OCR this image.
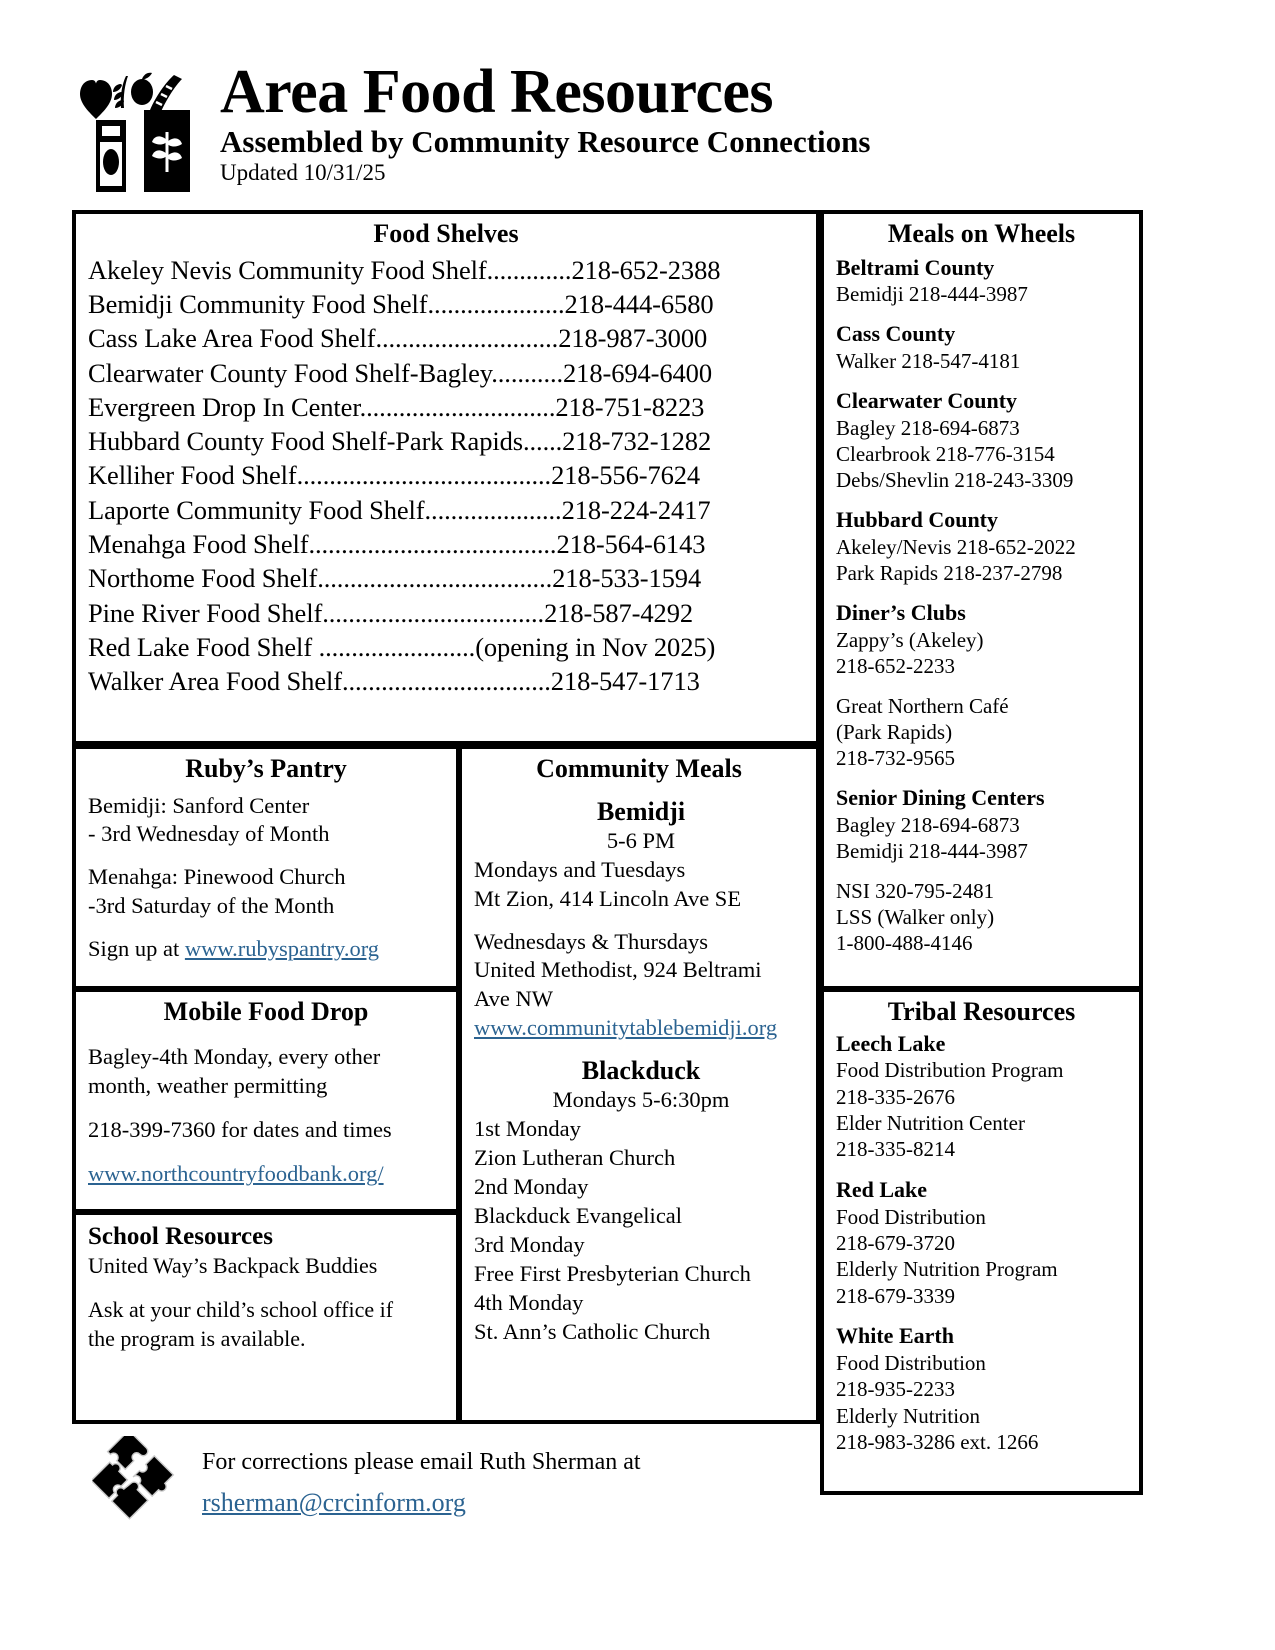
Area Food Resources
Assembled by Community Resource Connections
Updated 10/31/25
Food Shelves
Akeley Nevis Community Food Shelf.............218-652-2388
Bemidji Community Food Shelf.....................218-444-6580
Cass Lake Area Food Shelf............................218-987-3000
Clearwater County Food Shelf-Bagley...........218-694-6400
Evergreen Drop In Center..............................218-751-8223
Hubbard County Food Shelf-Park Rapids......218-732-1282
Kelliher Food Shelf.......................................218-556-7624
Laporte Community Food Shelf.....................218-224-2417
Menahga Food Shelf......................................218-564-6143
Northome Food Shelf....................................218-533-1594
Pine River Food Shelf..................................218-587-4292
Red Lake Food Shelf ........................(opening in Nov 2025)
Walker Area Food Shelf................................218-547-1713
Ruby’s Pantry
Bemidji: Sanford Center
- 3rd Wednesday of Month
Menahga: Pinewood Church
-3rd Saturday of the Month
Sign up at www.rubyspantry.org
Mobile Food Drop
Bagley-4th Monday, every other
month, weather permitting
218-399-7360 for dates and times
www.northcountryfoodbank.org/
School Resources
United Way’s Backpack Buddies
Ask at your child’s school office if
the program is available.
Community Meals
Bemidji
5-6 PM
Mondays and Tuesdays
Mt Zion, 414 Lincoln Ave SE
Wednesdays & Thursdays
United Methodist, 924 Beltrami
Ave NW
www.communitytablebemidji.org
Blackduck
Mondays 5-6:30pm
1st Monday
Zion Lutheran Church
2nd Monday
Blackduck Evangelical
3rd Monday
Free First Presbyterian Church
4th Monday
St. Ann’s Catholic Church
Meals on Wheels
Beltrami County
Bemidji 218-444-3987
Cass County
Walker 218-547-4181
Clearwater County
Bagley 218-694-6873
Clearbrook 218-776-3154
Debs/Shevlin 218-243-3309
Hubbard County
Akeley/Nevis 218-652-2022
Park Rapids 218-237-2798
Diner’s Clubs
Zappy’s (Akeley)
218-652-2233
Great Northern Café
(Park Rapids)
218-732-9565
Senior Dining Centers
Bagley 218-694-6873
Bemidji 218-444-3987
NSI 320-795-2481
LSS (Walker only)
1-800-488-4146
Tribal Resources
Leech Lake
Food Distribution Program
218-335-2676
Elder Nutrition Center
218-335-8214
Red Lake
Food Distribution
218-679-3720
Elderly Nutrition Program
218-679-3339
White Earth
Food Distribution
218-935-2233
Elderly Nutrition
218-983-3286 ext. 1266
For corrections please email Ruth Sherman at
rsherman@crcinform.org
